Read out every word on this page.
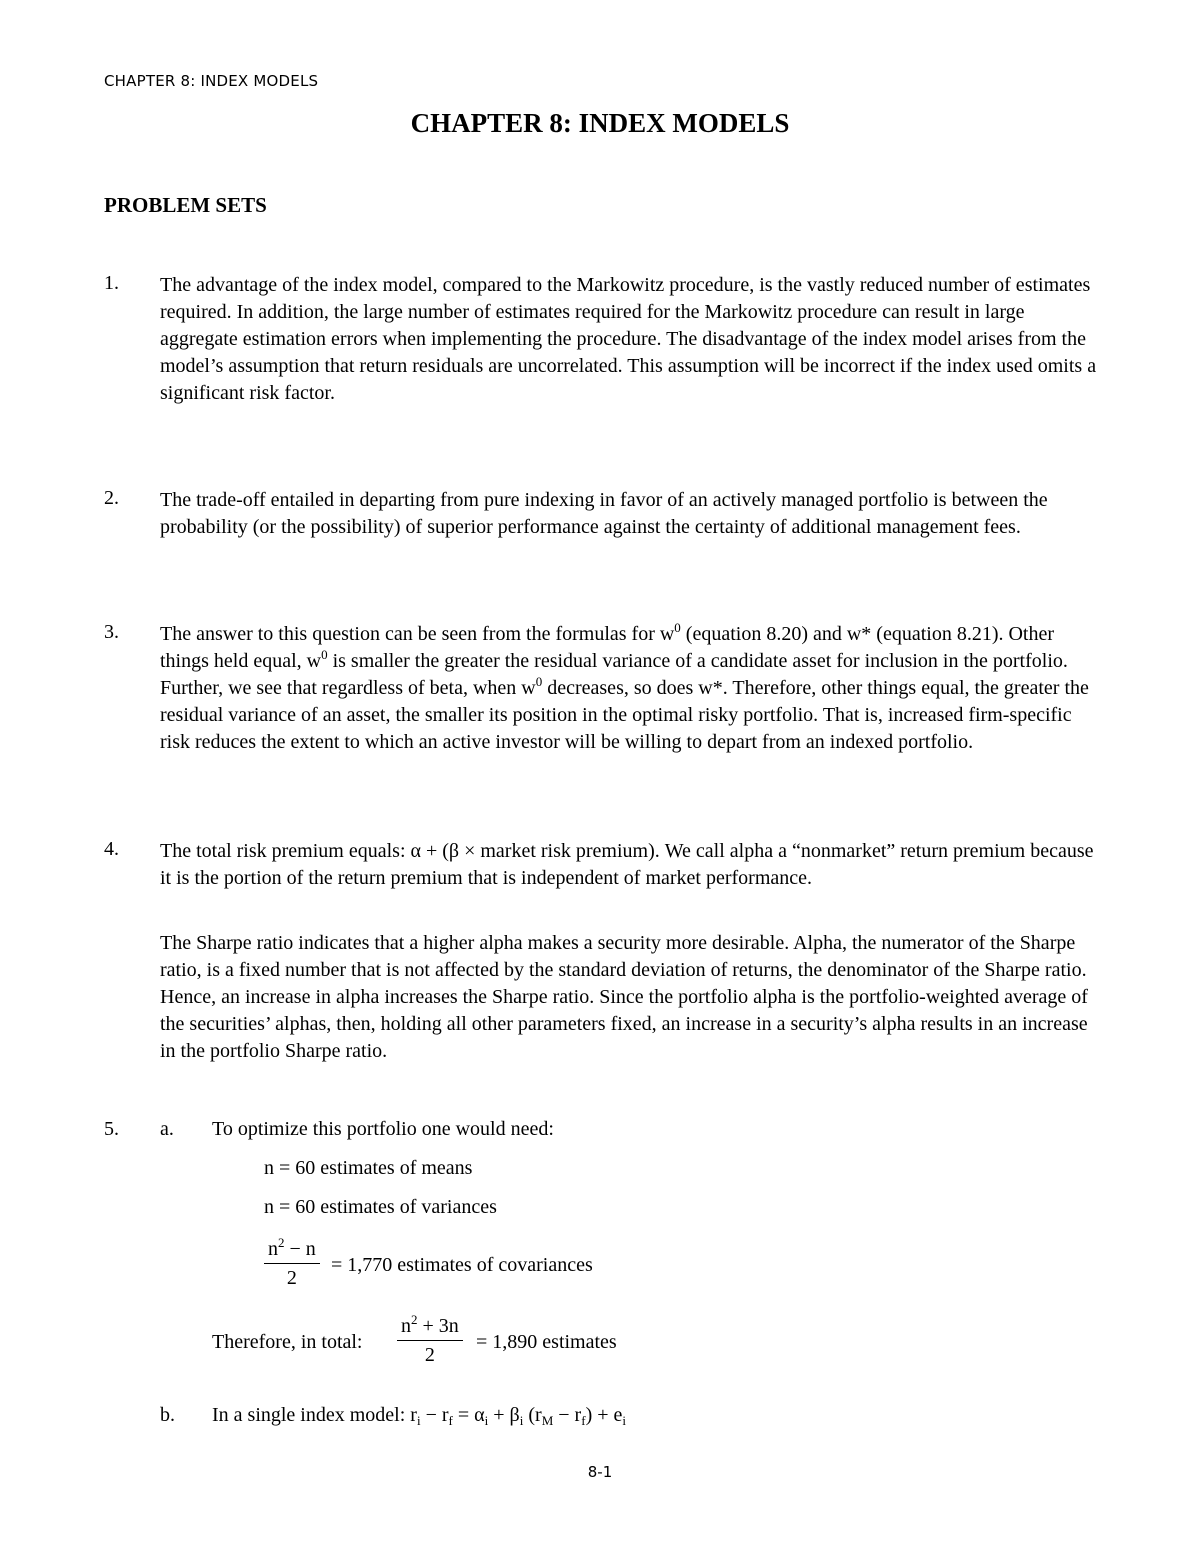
CHAPTER 8: INDEX MODELS
CHAPTER 8: INDEX MODELS
PROBLEM SETS
1. The advantage of the index model, compared to the Markowitz procedure, is the vastly reduced number of estimates required. In addition, the large number of estimates required for the Markowitz procedure can result in large aggregate estimation errors when implementing the procedure. The disadvantage of the index model arises from the model’s assumption that return residuals are uncorrelated. This assumption will be incorrect if the index used omits a significant risk factor.
2. The trade-off entailed in departing from pure indexing in favor of an actively managed portfolio is between the probability (or the possibility) of superior performance against the certainty of additional management fees.
3. The answer to this question can be seen from the formulas for $w^0$ (equation 8.20) and w* (equation 8.21). Other things held equal, $w^0$ is smaller the greater the residual variance of a candidate asset for inclusion in the portfolio. Further, we see that regardless of beta, when $w^0$ decreases, so does w*. Therefore, other things equal, the greater the residual variance of an asset, the smaller its position in the optimal risky portfolio. That is, increased firm-specific risk reduces the extent to which an active investor will be willing to depart from an indexed portfolio.
4. The total risk premium equals: α + (β × market risk premium). We call alpha a “nonmarket” return premium because it is the portion of the return premium that is independent of market performance.
The Sharpe ratio indicates that a higher alpha makes a security more desirable. Alpha, the numerator of the Sharpe ratio, is a fixed number that is not affected by the standard deviation of returns, the denominator of the Sharpe ratio. Hence, an increase in alpha increases the Sharpe ratio. Since the portfolio alpha is the portfolio-weighted average of the securities’ alphas, then, holding all other parameters fixed, an increase in a security’s alpha results in an increase in the portfolio Sharpe ratio.
5. a. To optimize this portfolio one would need:
n = 60 estimates of means
n = 60 estimates of variances
$\frac{n^2 - n}{2} = 1,770$ estimates of covariances
Therefore, in total: $\frac{n^2 + 3n}{2} = 1,890$ estimates
b. In a single index model: $r_i - r_f = \alpha_i + \beta_i$ $(r_M - r_f) + e_i$
8-1
